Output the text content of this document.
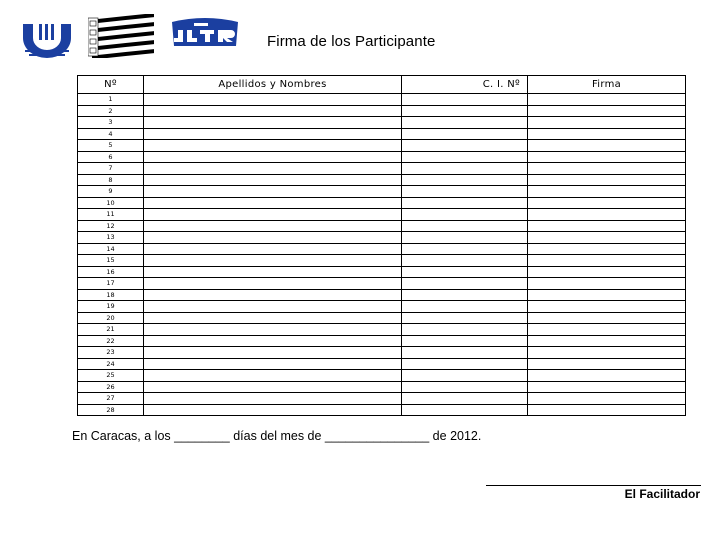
Firma de los Participante
Nº	Apellidos y Nombres	C. I. Nº	Firma
1			
2			
3			
4			
5			
6			
7			
8			
9			
10			
11			
12			
13			
14			
15			
16			
17			
18			
19			
20			
21			
22			
23			
24			
25			
26			
27			
28			
En Caracas, a los ________ días del mes de _______________ de 2012.
El Facilitador
